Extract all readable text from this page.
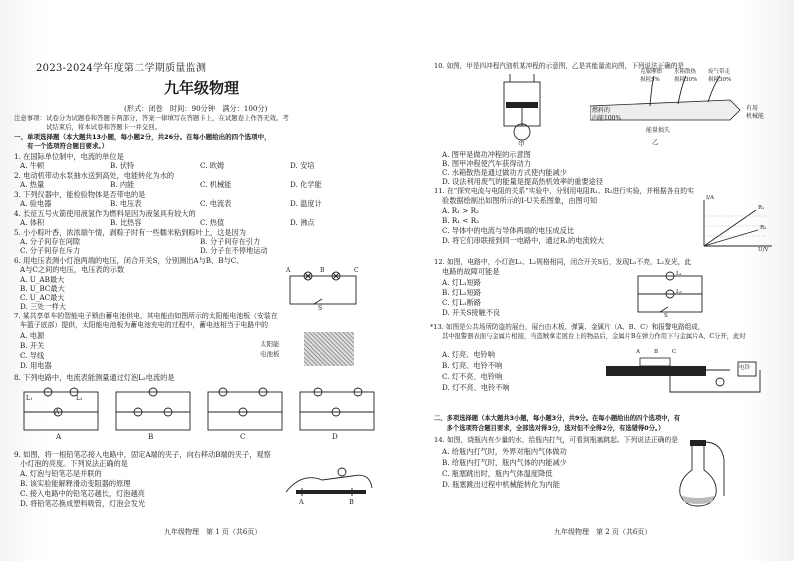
2023-2024学年度第二学期质量监测
九年级物理
(形式：闭卷　时间：90分钟　满分：100分)
注意事项：试卷分为试题卷和答题卡两部分，答案一律填写在答题卡上，在试题卷上作答无效。考
　　　　　试结束后，将本试卷和答题卡一并交回。
一、单项选择题（本大题共13小题，每小题2分，共26分。在每小题给出的四个选项中，
　　有一个选项符合题目要求。）
1. 在国际单位制中，电流的单位是
A. 牛顿	B. 伏特	C. 欧姆	D. 安培
2. 电动机带动水泵抽水送到高处，电能转化为水的
A. 热量	B. 内能	C. 机械能	D. 化学能
3. 下列仪器中，能检验物体是否带电的是
A. 验电器	B. 电压表	C. 电流表	D. 温度计
4. 长征五号火箭使用液氢作为燃料是因为液氢具有较大的
A. 体积	B. 比热容	C. 热值	D. 沸点
5. 小小粽叶香，浓浓端午情，剥粽子时有一些糯米粘到粽叶上，这是因为
A. 分子间存在间隙	B. 分子间存在引力
C. 分子间存在斥力	D. 分子在不停地运动
6. 用电压表测小灯泡两端的电压，闭合开关S，分别测出A与B、B与C、
A与C之间的电压，电压表的示数
A. U_AB最大
B. U_BC最大
C. U_AC最大
D. 三处一样大
A	B	C
S
7. 某共享单车的智能电子锁由蓄电池供电，其电能由如图所示的太阳能电池板（安装在
车篮子底部）提供，太阳能电池板为蓄电池充电的过程中，蓄电池相当于电路中的
A. 电源
B. 开关
C. 导线
D. 用电器
太阳能
电池板
8. 下列电路中，电流表能测量通过灯泡L₂电流的是
A	B	C	D
L₁	L₂
A
9. 如图，将一根铅笔芯接入电路中，固定A端的夹子，向右移动B端的夹子，观察
小灯泡的亮度。下列说法正确的是
A. 灯泡与铅笔芯是并联的
B. 该实验能解释滑动变阻器的原理
C. 接入电路中的铅笔芯越长，灯泡越亮
D. 将铅笔芯换成塑料吸管，灯泡会发光	A	B
九年级物理　第 1 页（共6页）
10. 如图，甲是四冲程汽油机某冲程的示意图，乙是其能量流向图，下列说法正确的是
甲
燃料的
内能100%
克服摩擦 水箱散热 废气带走
损耗5%	损耗30% 损耗30%
有用
机械能
能量损失
乙
A. 图甲是做功冲程的示意图
B. 图甲冲程使汽车获得动力
C. 水箱散热是通过做功方式使内能减少
D. 设法利用废气的能量是提高热机效率的重要途径
11. 在“探究电流与电阻的关系”实验中，分别用电阻R₁、R₂进行实验，并根据各自的实
验数据绘制出如图所示的I-U关系图象，由图可知
A. R₁ > R₂
B. R₁ < R₂
C. 导体中的电流与导体两端的电压成反比
D. 将它们串联接到同一电路中，通过R₁的电流较大
I/A
U/V
R₁
R₂
12. 如图，电路中，小灯泡L₁、L₂规格相同，闭合开关S后，发现L₁不亮，L₂发光，此
电路的故障可能是
A. 灯L₁短路
B. 灯L₂短路
C. 灯L₁断路
D. 开关S接触不良
L₁
L₂
S
*13. 如图是公共场所防盗的展台，展台由木板、弹簧、金属片（A、B、C）和报警电路组成，
其中报警器表面与金属片相接，当盗贼拿走展台上的物品后，金属片B在弹力作用下与金属片A、C分开，此时
A. 灯亮、电铃响
B. 灯亮、电铃不响
C. 灯不亮、电铃响
D. 灯不亮、电铃不响
A	B	C
电铃
二、多项选择题（本大题共3小题，每小题3分，共9分。在每小题给出的四个选项中，有
　　多个选项符合题目要求，全部选对得3分，选对但不全得2分，有选错得0分。）
14. 如图，烧瓶内有少量的水，给瓶内打气，可看到瓶塞跳起。下列说法正确的是
A. 给瓶内打气时，外界对瓶内气体做功
B. 给瓶内打气时，瓶内气体的内能减少
C. 瓶塞跳出时，瓶内气体温度降低
D. 瓶塞跳出过程中机械能转化为内能
九年级物理　第 2 页（共6页）
